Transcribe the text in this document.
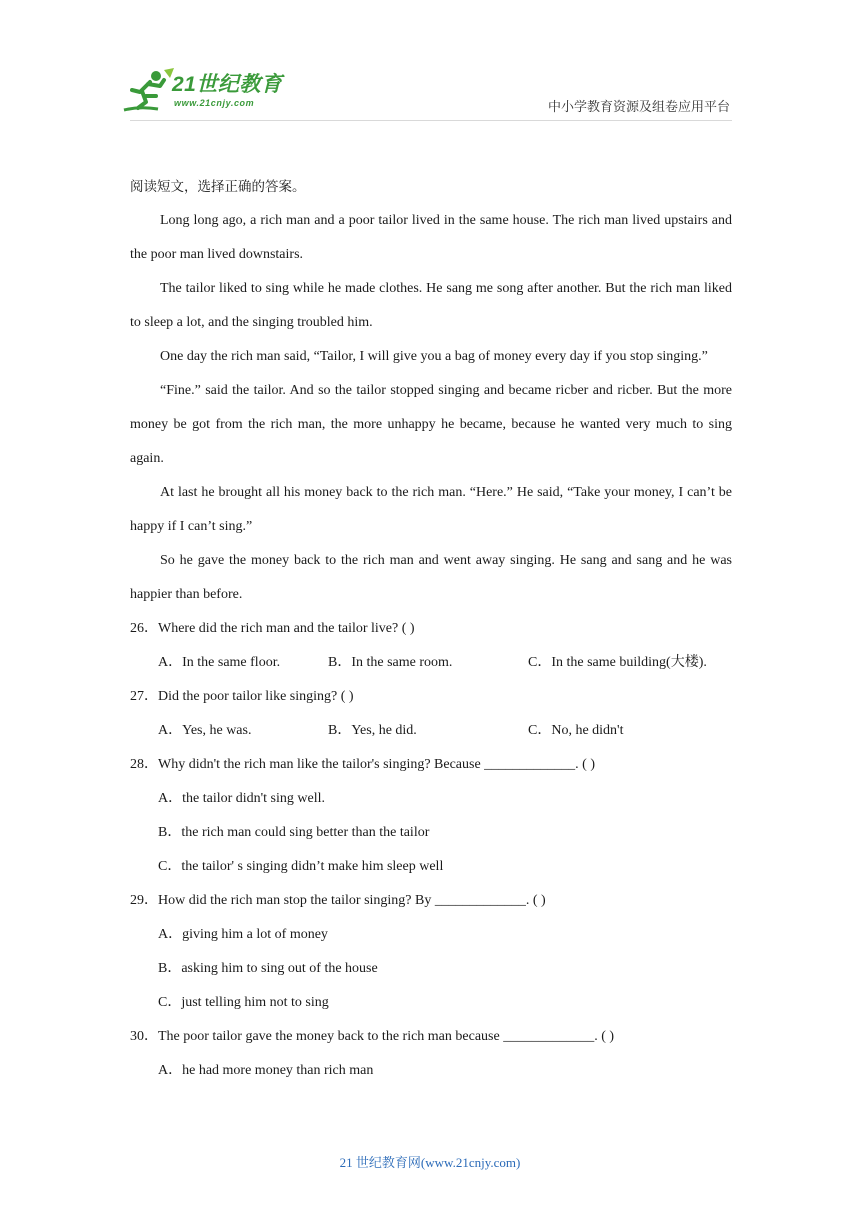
21世纪教育
www.21cnjy.com	中小学教育资源及组卷应用平台

阅读短文，选择正确的答案。

Long long ago, a rich man and a poor tailor lived in the same house. The rich man lived upstairs and the poor man lived downstairs.

The tailor liked to sing while he made clothes. He sang me song after another. But the rich man liked to sleep a lot, and the singing troubled him.

One day the rich man said, “Tailor, I will give you a bag of money every day if you stop singing.”

“Fine.” said the tailor. And so the tailor stopped singing and became ricber and ricber. But the more money be got from the rich man, the more unhappy he became, because he wanted very much to sing again.

At last he brought all his money back to the rich man. “Here.” He said, “Take your money, I can’t be happy if I can’t sing.”

So he gave the money back to the rich man and went away singing. He sang and sang and he was happier than before.

26．Where did the rich man and the tailor live? ( )

A．In the same floor.	B．In the same room.	C．In the same building(大楼).

27．Did the poor tailor like singing? ( )

A．Yes, he was.	B．Yes, he did.	C．No, he didn't

28．Why didn't the rich man like the tailor's singing? Because _____________. ( )

A．the tailor didn't sing well.

B．the rich man could sing better than the tailor

C．the tailor' s singing didn’t make him sleep well

29．How did the rich man stop the tailor singing? By _____________. ( )

A．giving him a lot of money

B．asking him to sing out of the house

C．just telling him not to sing

30．The poor tailor gave the money back to the rich man because _____________. ( )

A．he had more money than rich man

21 世纪教育网(www.21cnjy.com)
